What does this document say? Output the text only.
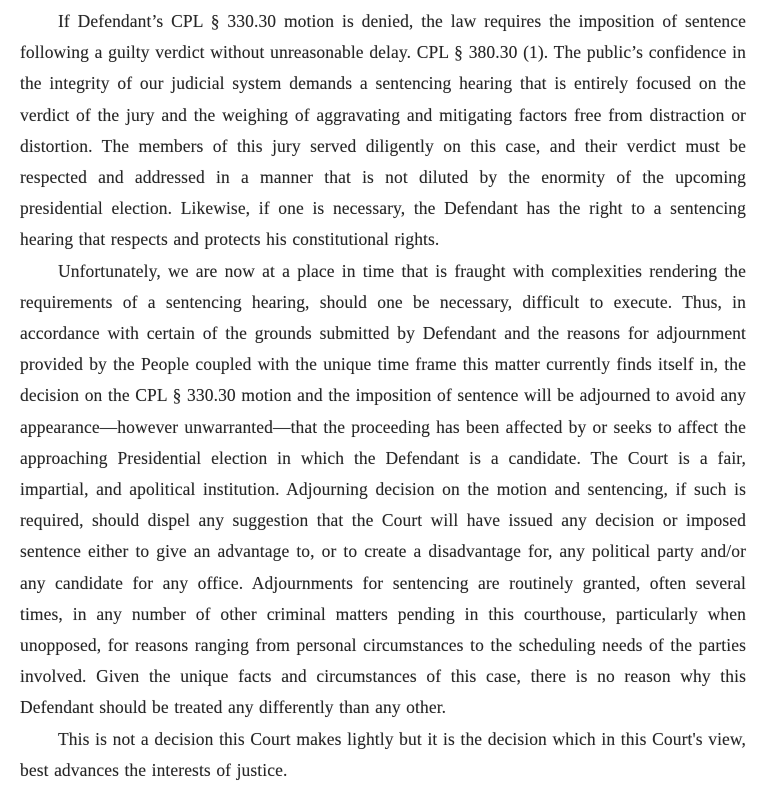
If Defendant’s CPL § 330.30 motion is denied, the law requires the imposition of sentence following a guilty verdict without unreasonable delay. CPL § 380.30 (1). The public’s confidence in the integrity of our judicial system demands a sentencing hearing that is entirely focused on the verdict of the jury and the weighing of aggravating and mitigating factors free from distraction or distortion. The members of this jury served diligently on this case, and their verdict must be respected and addressed in a manner that is not diluted by the enormity of the upcoming presidential election. Likewise, if one is necessary, the Defendant has the right to a sentencing hearing that respects and protects his constitutional rights.

Unfortunately, we are now at a place in time that is fraught with complexities rendering the requirements of a sentencing hearing, should one be necessary, difficult to execute. Thus, in accordance with certain of the grounds submitted by Defendant and the reasons for adjournment provided by the People coupled with the unique time frame this matter currently finds itself in, the decision on the CPL § 330.30 motion and the imposition of sentence will be adjourned to avoid any appearance—however unwarranted—that the proceeding has been affected by or seeks to affect the approaching Presidential election in which the Defendant is a candidate. The Court is a fair, impartial, and apolitical institution. Adjourning decision on the motion and sentencing, if such is required, should dispel any suggestion that the Court will have issued any decision or imposed sentence either to give an advantage to, or to create a disadvantage for, any political party and/or any candidate for any office. Adjournments for sentencing are routinely granted, often several times, in any number of other criminal matters pending in this courthouse, particularly when unopposed, for reasons ranging from personal circumstances to the scheduling needs of the parties involved. Given the unique facts and circumstances of this case, there is no reason why this Defendant should be treated any differently than any other.

This is not a decision this Court makes lightly but it is the decision which in this Court's view, best advances the interests of justice.
